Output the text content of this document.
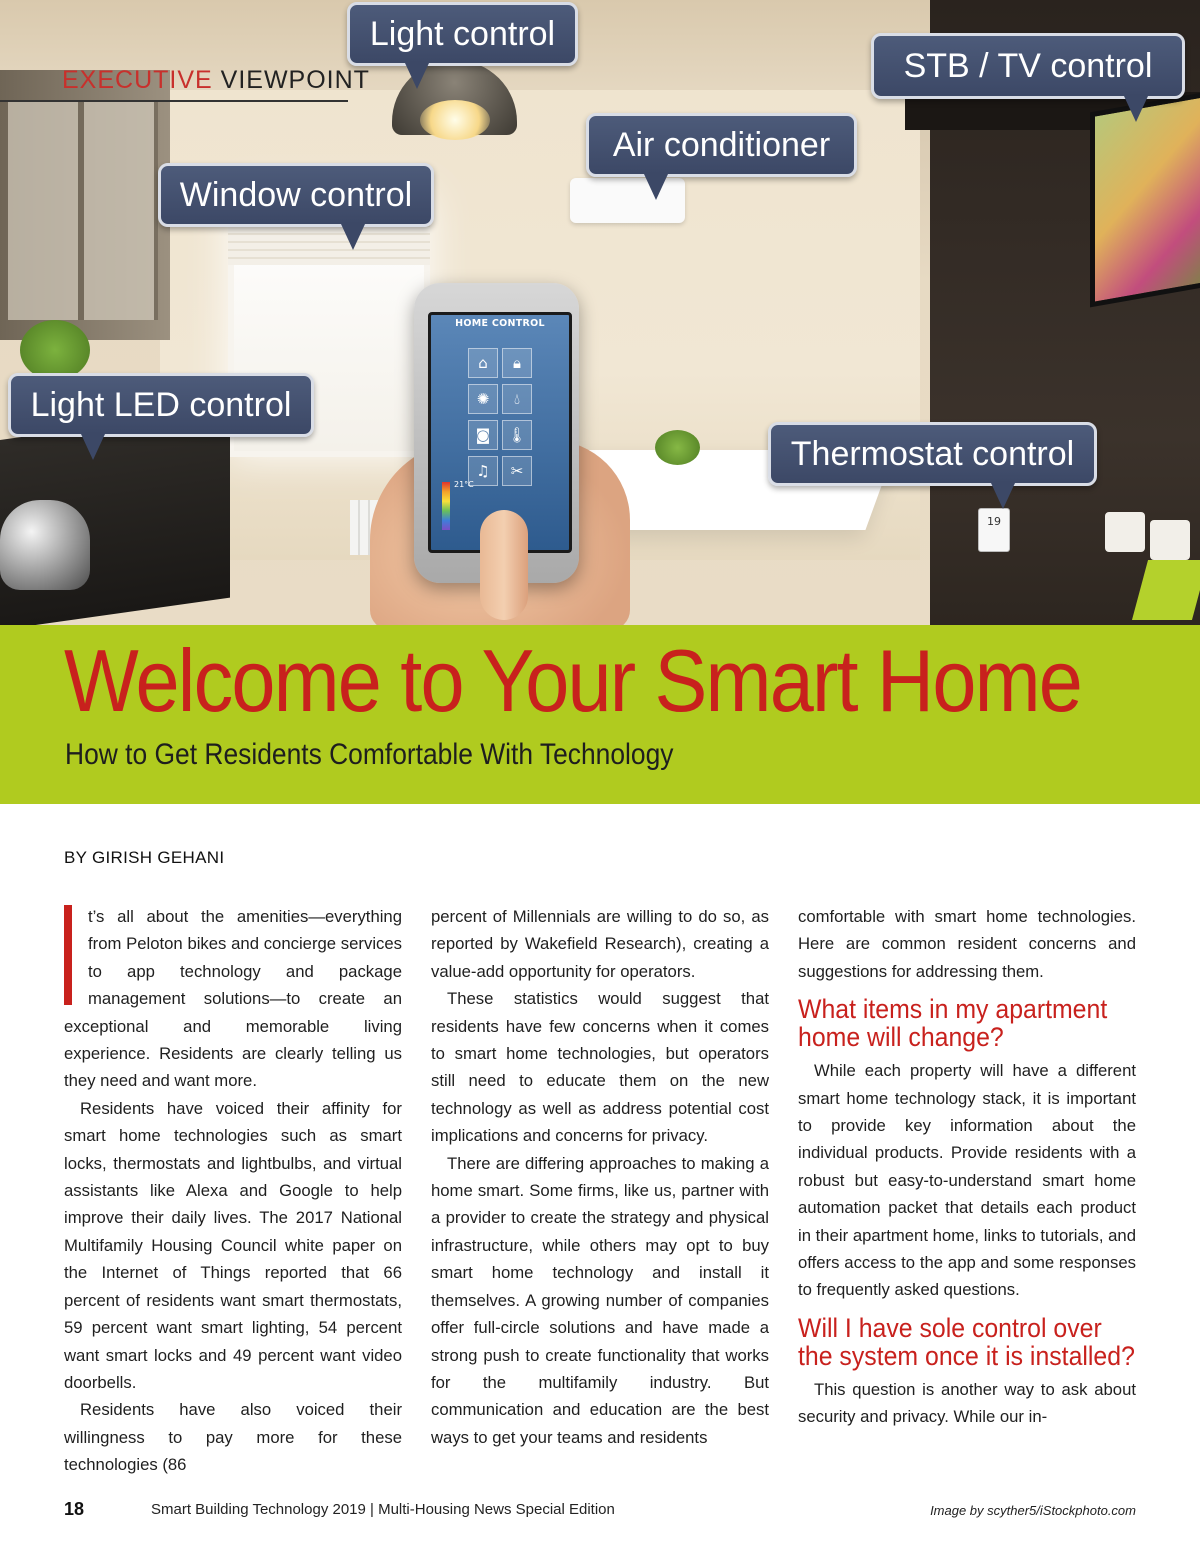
19
HOME CONTROL
⌂	🔒︎
✺	💧︎
◙	🌡︎
♫	✂
21°C
EXECUTIVE VIEWPOINT
Light control
STB / TV control
Air conditioner
Window control
Light LED control
Thermostat control
Welcome to Your Smart Home
How to Get Residents Comfortable With Technology
BY GIRISH GEHANI

t’s all about the amenities—everything from Peloton bikes and concierge services to app technology and package management solutions—to create an exceptional and memorable living experience. Residents are clearly telling us they need and want more.

Residents have voiced their affinity for smart home technologies such as smart locks, thermostats and lightbulbs, and virtual assistants like Alexa and Google to help improve their daily lives. The 2017 National Multifamily Housing Council white paper on the Internet of Things reported that 66 percent of residents want smart thermostats, 59 percent want smart lighting, 54 percent want smart locks and 49 percent want video doorbells.

Residents have also voiced their willingness to pay more for these technologies (86

percent of Millennials are willing to do so, as reported by Wakefield Research), creating a value-add opportunity for operators.

These statistics would suggest that residents have few concerns when it comes to smart home technologies, but operators still need to educate them on the new technology as well as address potential cost implications and concerns for privacy.

There are differing approaches to making a home smart. Some firms, like us, partner with a provider to create the strategy and physical infrastructure, while others may opt to buy smart home technology and install it themselves. A growing number of companies offer full-circle solutions and have made a strong push to create functionality that works for the multifamily industry. But communication and education are the best ways to get your teams and residents

comfortable with smart home technologies. Here are common resident concerns and suggestions for addressing them.

What items in my apartment home will change?

While each property will have a different smart home technology stack, it is important to provide key information about the individual products. Provide residents with a robust but easy-to-understand smart home automation packet that details each product in their apartment home, links to tutorials, and offers access to the app and some responses to frequently asked questions.

Will I have sole control over the system once it is installed?

This question is another way to ask about security and privacy. While our in-

18	Smart Building Technology 2019 | Multi-Housing News Special Edition	Image by scyther5/iStockphoto.com
